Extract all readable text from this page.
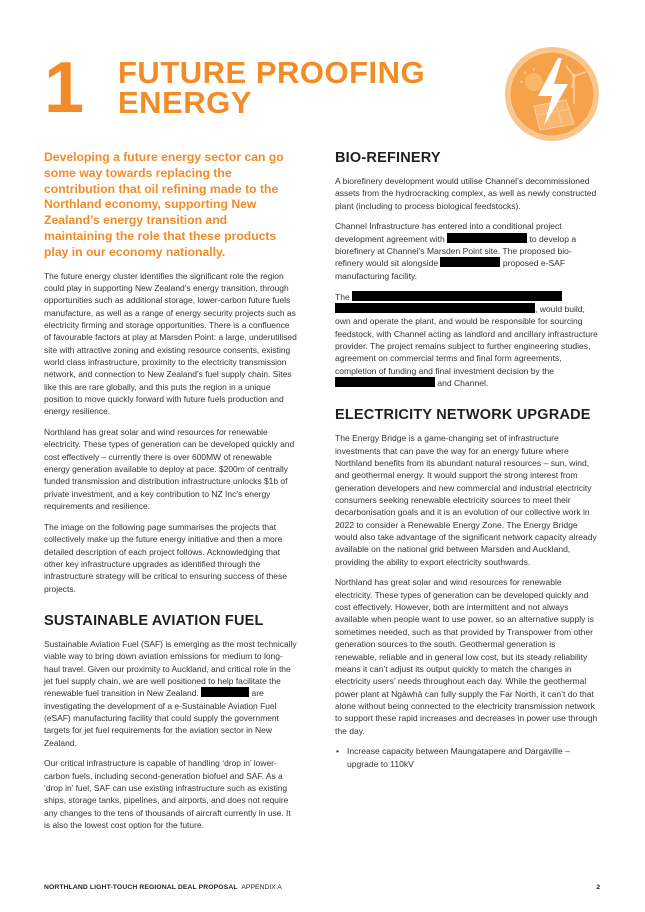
1 FUTURE PROOFING
ENERGY
Developing a future energy sector can go some way towards replacing the contribution that oil refining made to the Northland economy, supporting New Zealand’s energy transition and maintaining the role that these products play in our economy nationally.

The future energy cluster identifies the significant role the region could play in supporting New Zealand’s energy transition, through opportunities such as additional storage, lower-carbon future fuels manufacture, as well as a range of energy security projects such as electricity firming and storage opportunities. There is a confluence of favourable factors at play at Marsden Point: a large, underutilised site with attractive zoning and existing resource consents, existing world class infrastructure, proximity to the electricity transmission network, and connection to New Zealand’s fuel supply chain. Sites like this are rare globally, and this puts the region in a unique position to move quickly forward with future fuels production and energy resilience.

Northland has great solar and wind resources for renewable electricity. These types of generation can be developed quickly and cost effectively – currently there is over 600MW of renewable energy generation available to deploy at pace. $200m of centrally funded transmission and distribution infrastructure unlocks $1b of private investment, and a key contribution to NZ Inc’s energy requirements and resilience.

The image on the following page summarises the projects that collectively make up the future energy initiative and then a more detailed description of each project follows. Acknowledging that other key infrastructure upgrades as identified through the infrastructure strategy will be critical to ensuring success of these projects.

SUSTAINABLE AVIATION FUEL

Sustainable Aviation Fuel (SAF) is emerging as the most technically viable way to bring down aviation emissions for medium to long-haul travel. Given our proximity to Auckland, and critical role in the jet fuel supply chain, we are well positioned to help facilitate the renewable fuel transition in New Zealand.	are investigating the development of a e-Sustainable Aviation Fuel (eSAF) manufacturing facility that could supply the government targets for jet fuel requirements for the aviation sector in New Zealand.

Our critical infrastructure is capable of handling ‘drop in’ lower-carbon fuels, including second-generation biofuel and SAF. As a ‘drop in’ fuel, SAF can use existing infrastructure such as existing ships, storage tanks, pipelines, and airports, and does not require any changes to the tens of thousands of aircraft currently in use. It is also the lowest cost option for the future.

BIO-REFINERY

A biorefinery development would utilise Channel’s decommissioned assets from the hydrocracking complex, as well as newly constructed plant (including to process biological feedstocks).

Channel Infrastructure has entered into a conditional project development agreement with	to develop a biorefinery at Channel’s Marsden Point site. The proposed bio-refinery would sit alongside	proposed e-SAF manufacturing facility.

The , would build, own and operate the plant, and would be responsible for sourcing feedstock, with Channel acting as landlord and ancillary infrastructure provider. The project remains subject to further engineering studies, agreement on commercial terms and final form agreements, completion of funding and final investment decision by the  and Channel.

ELECTRICITY NETWORK UPGRADE

The Energy Bridge is a game-changing set of infrastructure investments that can pave the way for an energy future where Northland benefits from its abundant natural resources – sun, wind, and geothermal energy. It would support the strong interest from generation developers and new commercial and industrial electricity consumers seeking renewable electricity sources to meet their decarbonisation goals and it is an evolution of our collective work in 2022 to consider a Renewable Energy Zone. The Energy Bridge would also take advantage of the significant network capacity already available on the national grid between Marsden and Auckland, providing the ability to export electricity southwards.

Northland has great solar and wind resources for renewable electricity. These types of generation can be developed quickly and cost effectively. However, both are intermittent and not always available when people want to use power, so an alternative supply is sometimes needed, such as that provided by Transpower from other generation sources to the south. Geothermal generation is renewable, reliable and in general low cost, but its steady reliability means it can’t adjust its output quickly to match the changes in electricity users’ needs throughout each day. While the geothermal power plant at Ngāwhā can fully supply the Far North, it can’t do that alone without being connected to the electricity transmission network to support these rapid increases and decreases in power use through the day.

• Increase capacity between Maungatapere and Dargaville – upgrade to 110kV
NORTHLAND LIGHT-TOUCH REGIONAL DEAL PROPOSAL APPENDIX A	2
